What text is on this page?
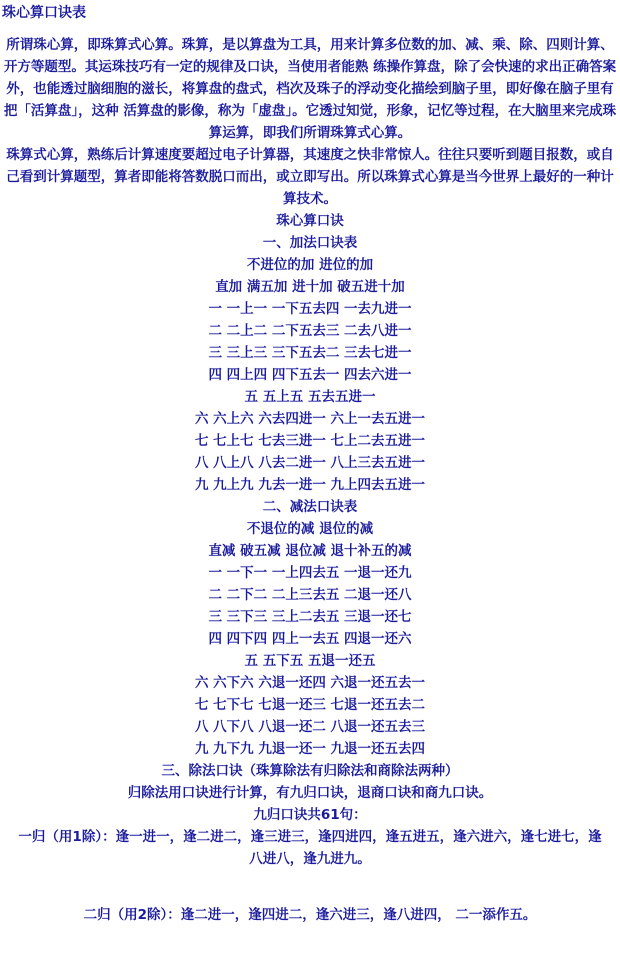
珠心算口诀表

所谓珠心算，即珠算式心算。珠算，是以算盘为工具，用来计算多位数的加、减、乘、除、四则计算、开方等题型。其运珠技巧有一定的规律及口诀，当使用者能熟 练操作算盘，除了会快速的求出正确答案外，也能透过脑细胞的滋长，将算盘的盘式，档次及珠子的浮动变化描绘到脑子里，即好像在脑子里有把「活算盘」，这种 活算盘的影像，称为「虚盘」。它透过知觉，形象，记忆等过程，在大脑里来完成珠算运算，即我们所谓珠算式心算。

珠算式心算，熟练后计算速度要超过电子计算器，其速度之快非常惊人。往往只要听到题目报数，或自己看到计算题型，算者即能将答数脱口而出，或立即写出。所以珠算式心算是当今世界上最好的一种计算技术。

珠心算口诀
一、加法口诀表
不进位的加 进位的加
直加 满五加 进十加 破五进十加
一 一上一 一下五去四 一去九进一
二 二上二 二下五去三 二去八进一
三 三上三 三下五去二 三去七进一
四 四上四 四下五去一 四去六进一
五 五上五 五去五进一
六 六上六 六去四进一 六上一去五进一
七 七上七 七去三进一 七上二去五进一
八 八上八 八去二进一 八上三去五进一
九 九上九 九去一进一 九上四去五进一
二、减法口诀表
不退位的减 退位的减
直减 破五减 退位减 退十补五的减
一 一下一 一上四去五 一退一还九
二 二下二 二上三去五 二退一还八
三 三下三 三上二去五 三退一还七
四 四下四 四上一去五 四退一还六
五 五下五 五退一还五
六 六下六 六退一还四 六退一还五去一
七 七下七 七退一还三 七退一还五去二
八 八下八 八退一还二 八退一还五去三
九 九下九 九退一还一 九退一还五去四
三、除法口诀（珠算除法有归除法和商除法两种）
归除法用口诀进行计算，有九归口诀，退商口诀和商九口诀。
九归口诀共61句：
一归（用1除）：逢一进一，逢二进二，逢三进三，逢四进四，逢五进五，逢六进六，逢七进七，逢八进八，逢九进九。
二归（用2除）：逢二进一，逢四进二，逢六进三，逢八进四， 二一添作五。
